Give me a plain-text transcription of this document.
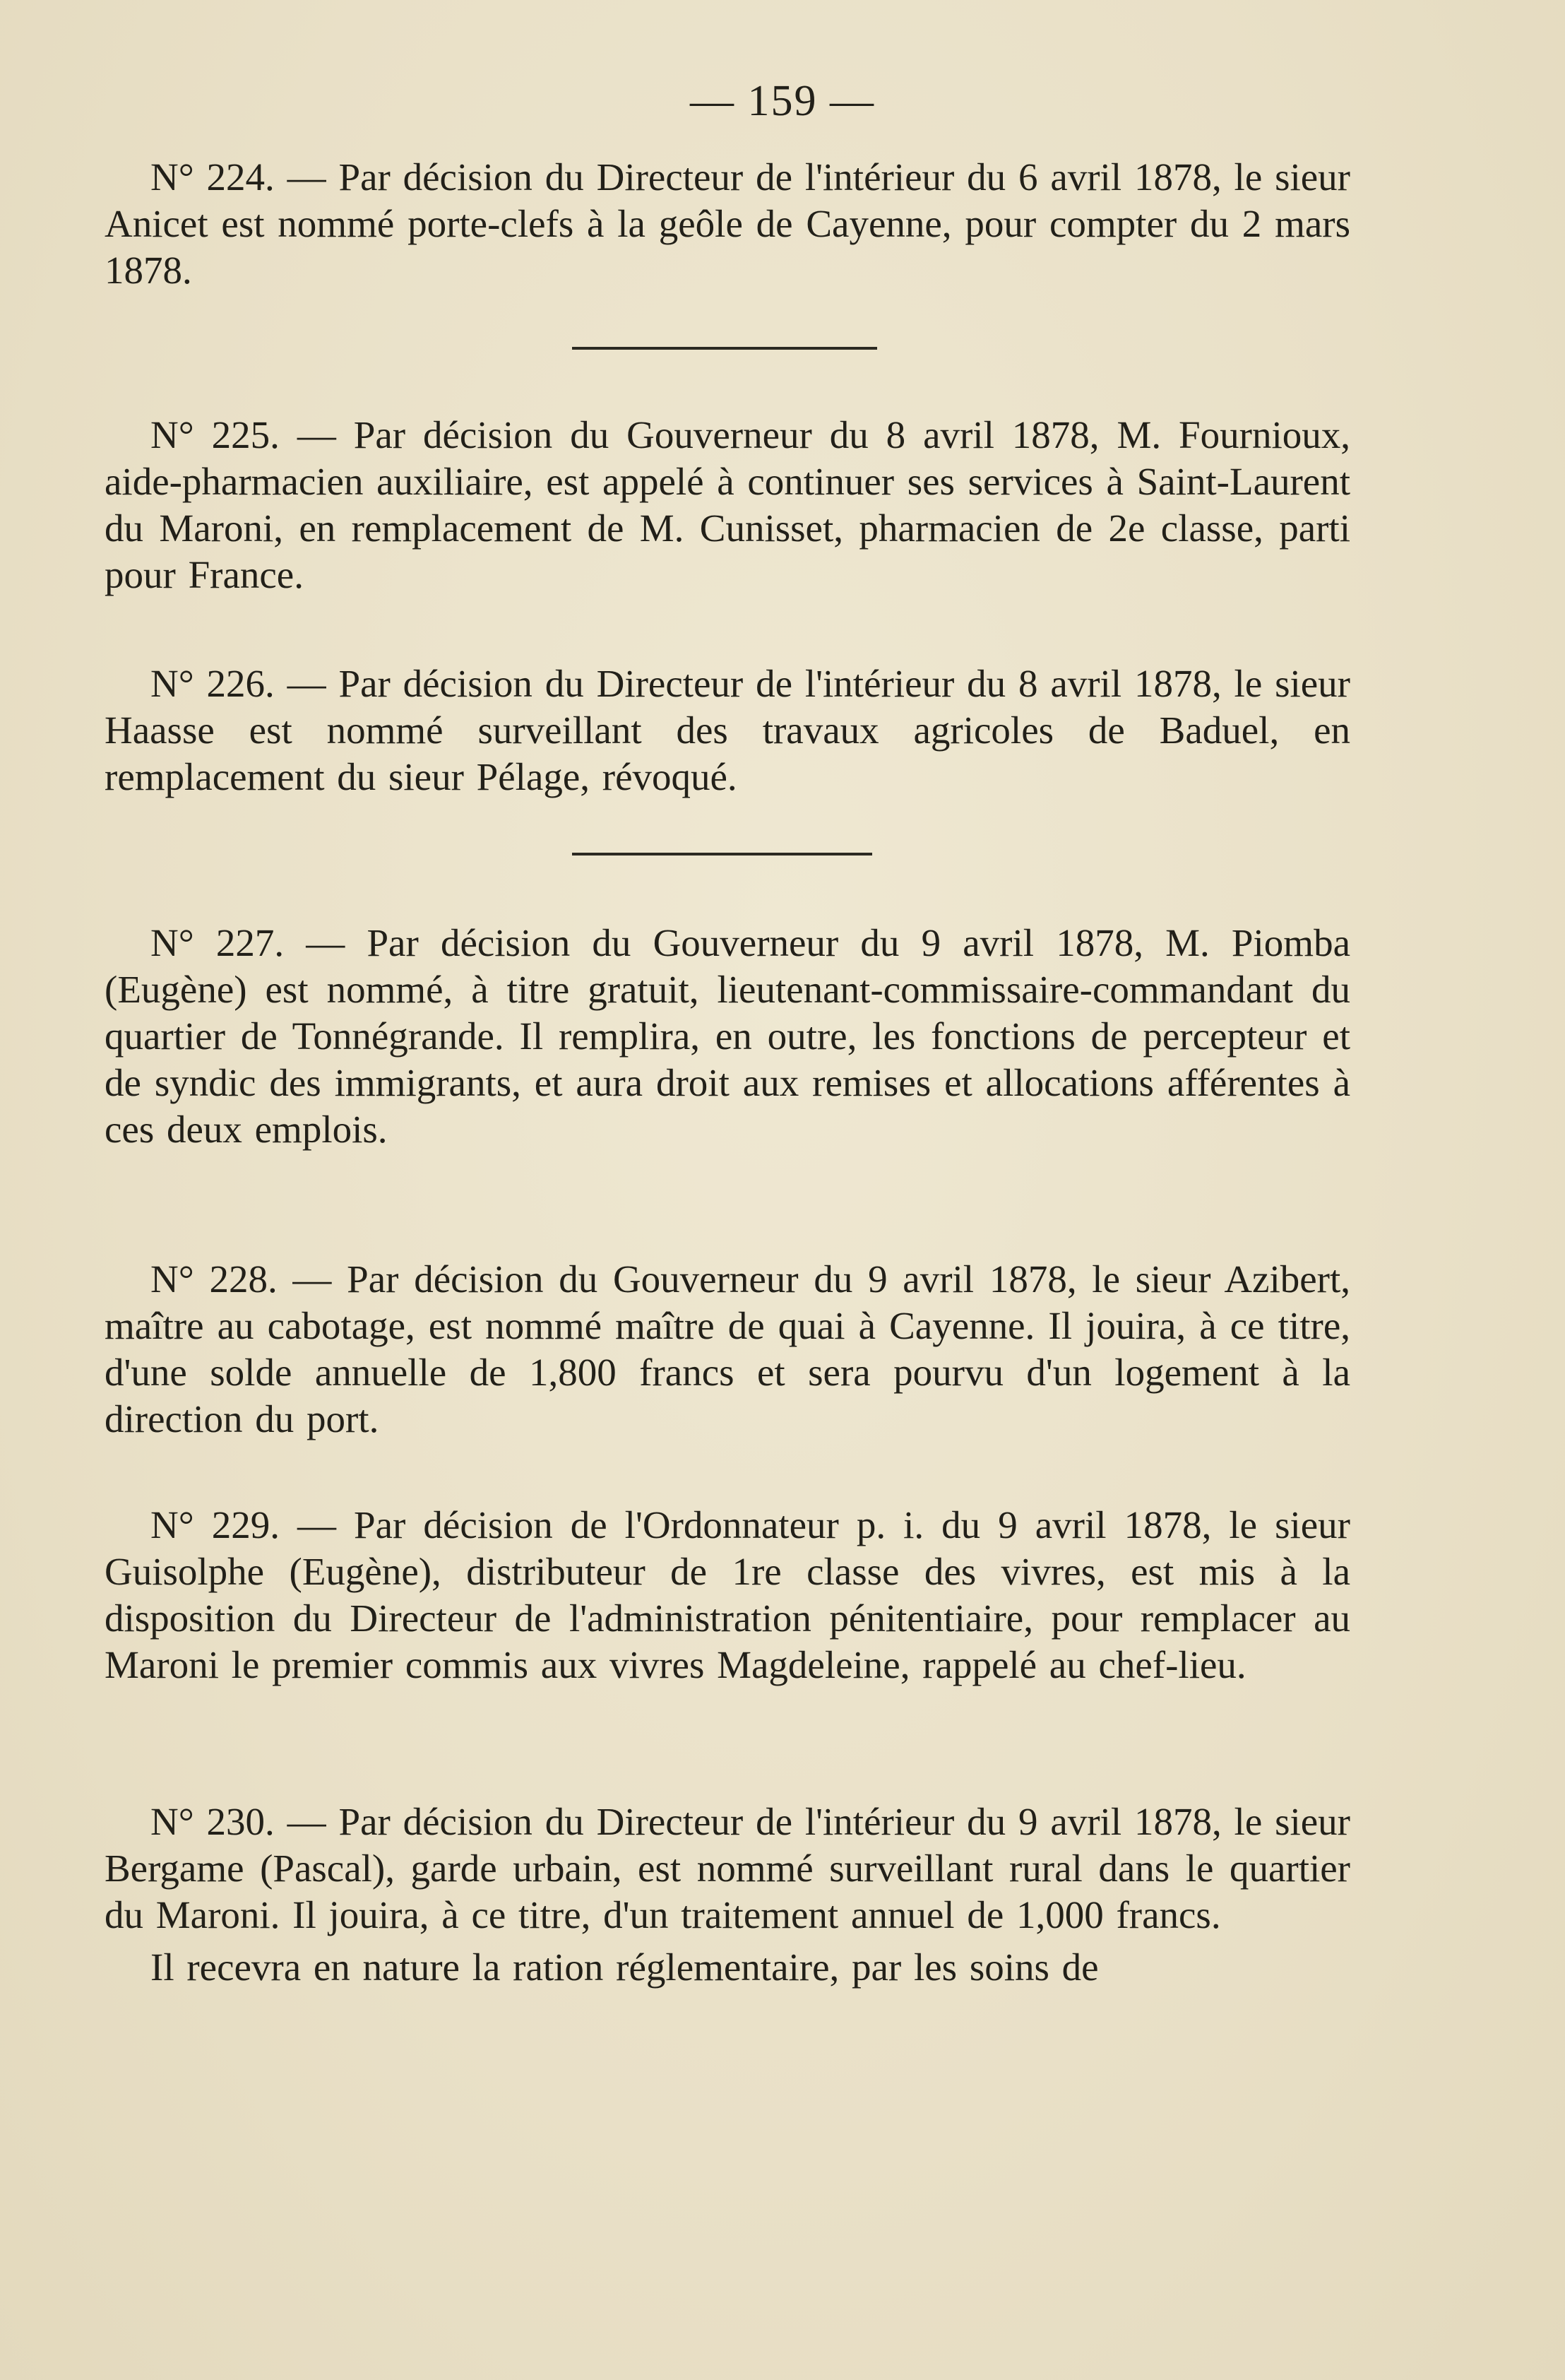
— 159 —

N° 224. — Par décision du Directeur de l'intérieur du 6 avril 1878, le sieur Anicet est nommé porte-clefs à la geôle de Cayenne, pour compter du 2 mars 1878.

N° 225. — Par décision du Gouverneur du 8 avril 1878, M. Fournioux, aide-pharmacien auxiliaire, est appelé à continuer ses services à Saint-Laurent du Maroni, en remplacement de M. Cunisset, pharmacien de 2e classe, parti pour France.

N° 226. — Par décision du Directeur de l'intérieur du 8 avril 1878, le sieur Haasse est nommé surveillant des travaux agricoles de Baduel, en remplacement du sieur Pélage, révoqué.

N° 227. — Par décision du Gouverneur du 9 avril 1878, M. Piomba (Eugène) est nommé, à titre gratuit, lieutenant-commissaire-commandant du quartier de Tonnégrande. Il remplira, en outre, les fonctions de percepteur et de syndic des immigrants, et aura droit aux remises et allocations afférentes à ces deux emplois.

N° 228. — Par décision du Gouverneur du 9 avril 1878, le sieur Azibert, maître au cabotage, est nommé maître de quai à Cayenne. Il jouira, à ce titre, d'une solde annuelle de 1,800 francs et sera pourvu d'un logement à la direction du port.

N° 229. — Par décision de l'Ordonnateur p. i. du 9 avril 1878, le sieur Guisolphe (Eugène), distributeur de 1re classe des vivres, est mis à la disposition du Directeur de l'administration pénitentiaire, pour remplacer au Maroni le premier commis aux vivres Magdeleine, rappelé au chef-lieu.

N° 230. — Par décision du Directeur de l'intérieur du 9 avril 1878, le sieur Bergame (Pascal), garde urbain, est nommé surveillant rural dans le quartier du Maroni. Il jouira, à ce titre, d'un traitement annuel de 1,000 francs.

Il recevra en nature la ration réglementaire, par les soins de
